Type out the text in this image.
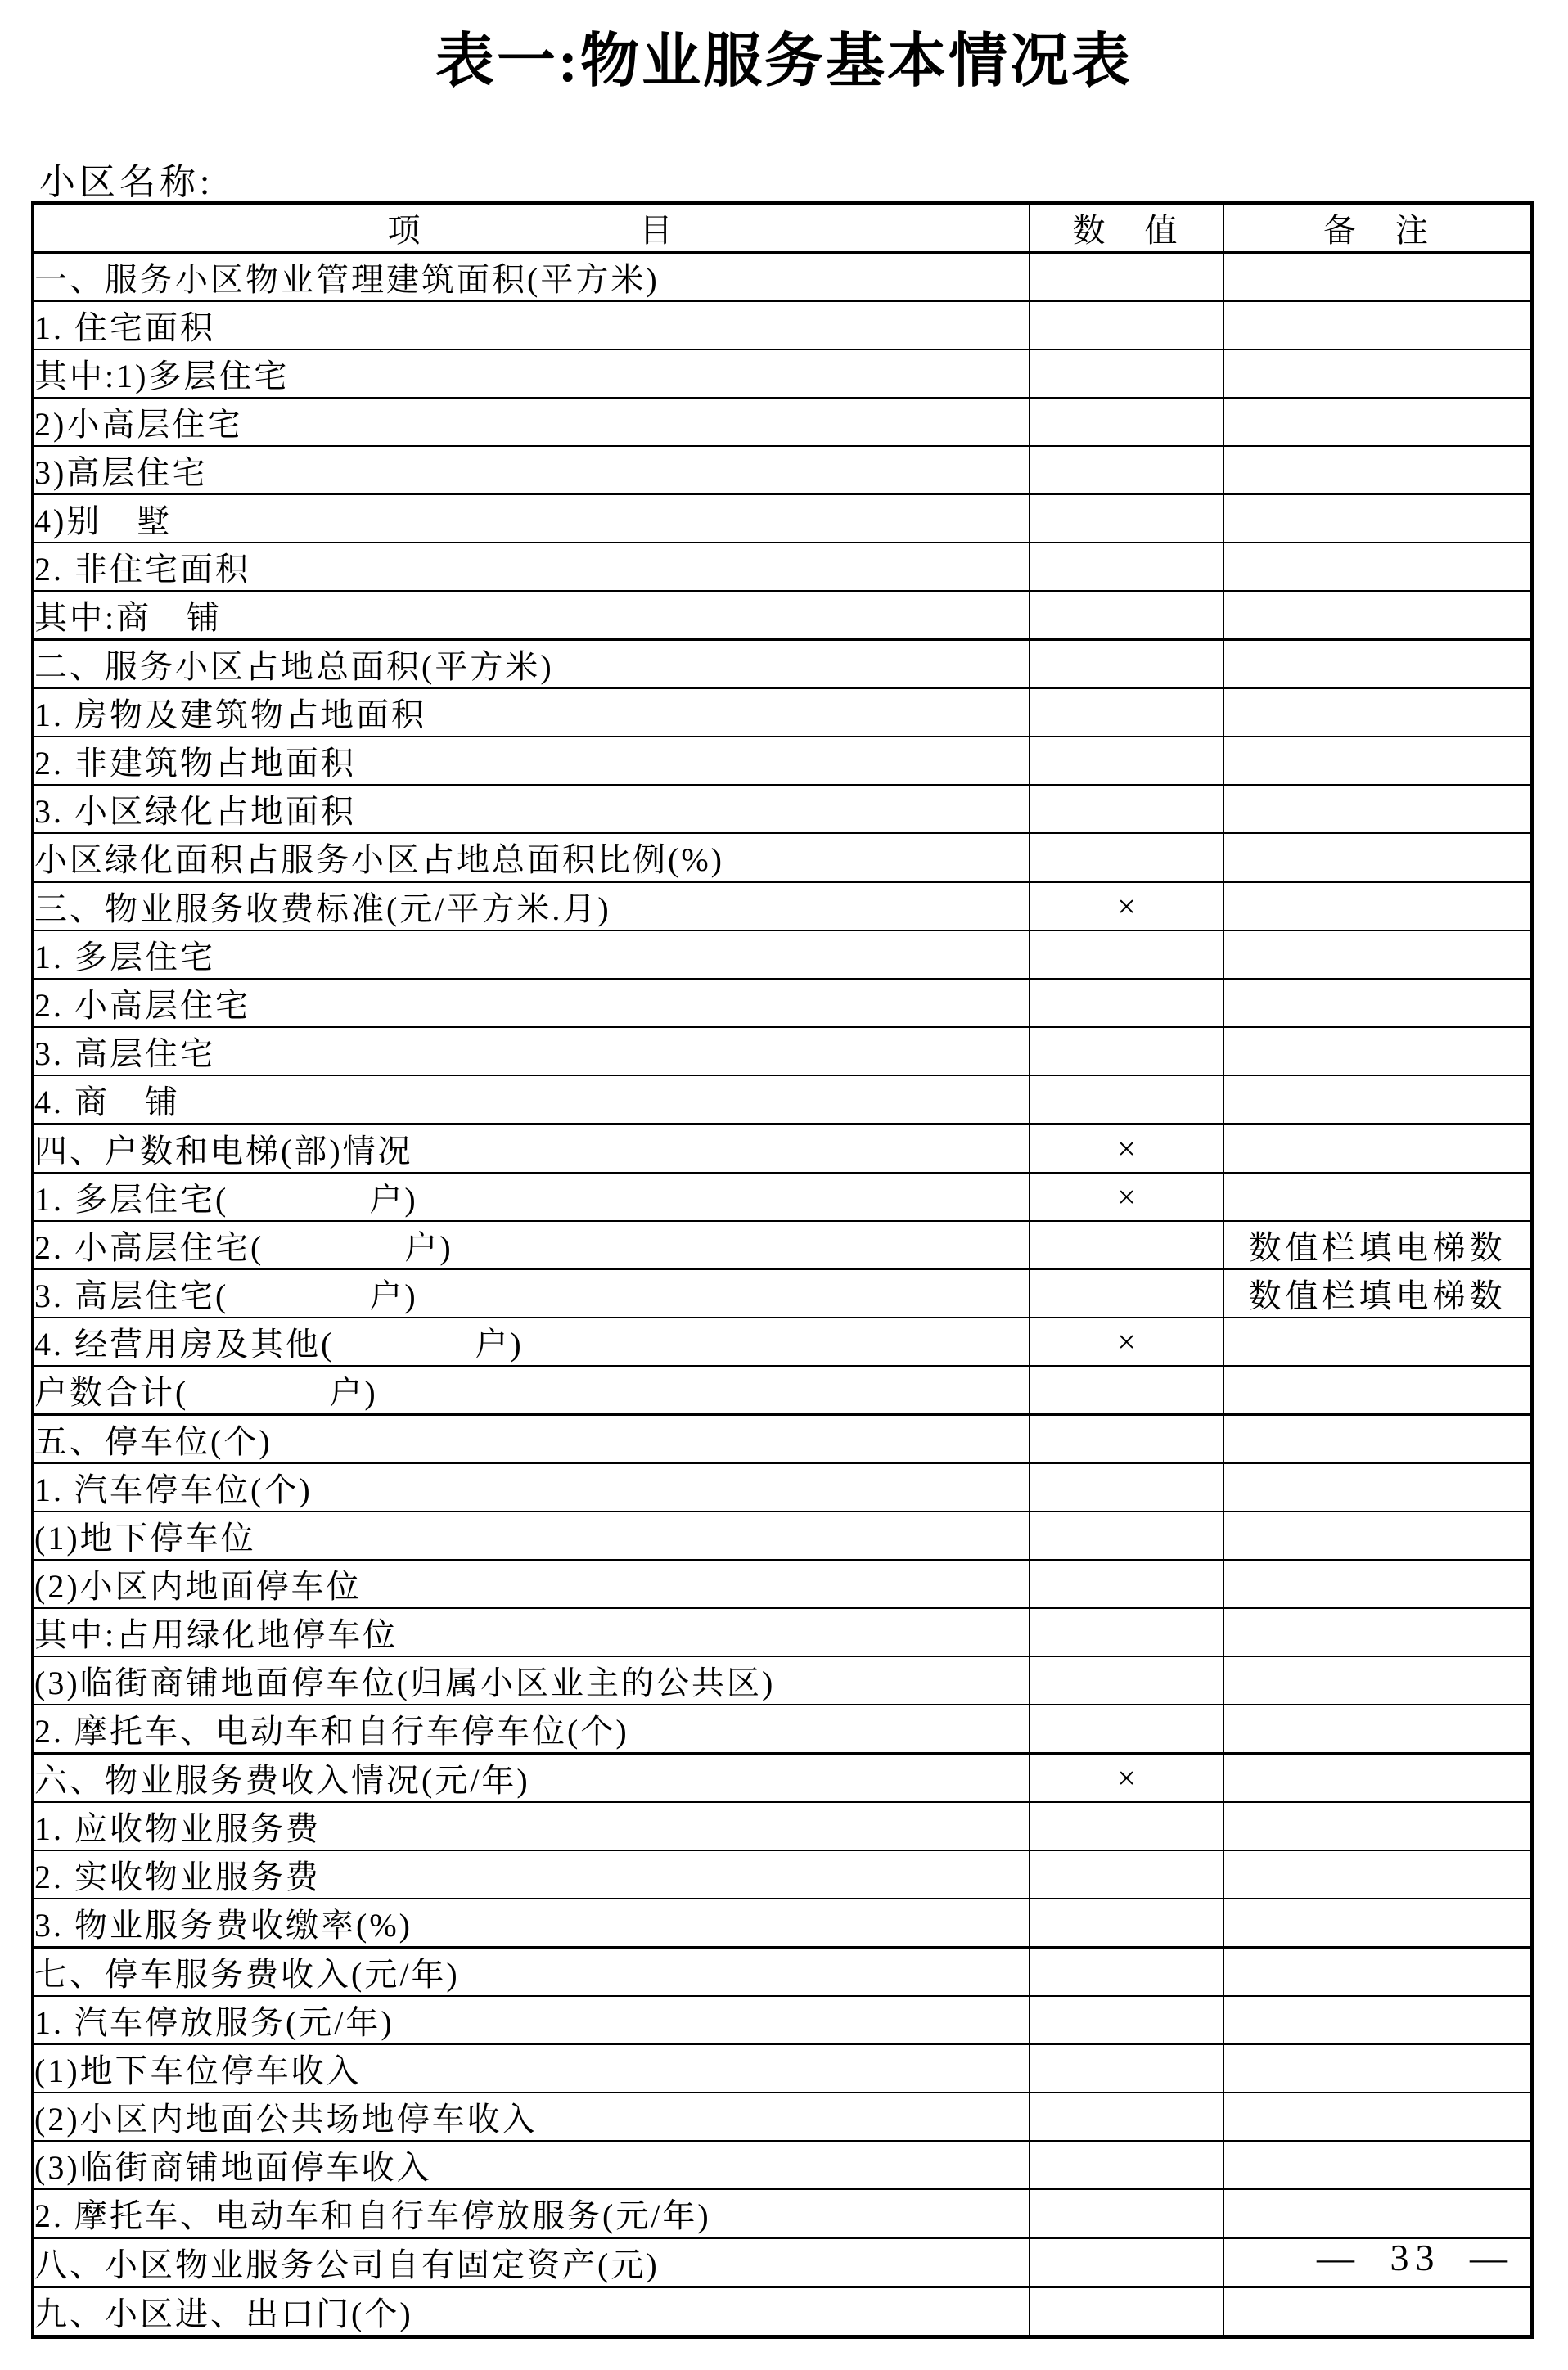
表一:物业服务基本情况表
小区名称:
项　　　　　　目	数　值	备　注
一、服务小区物业管理建筑面积(平方米)		
1. 住宅面积		
其中:1)多层住宅		
2)小高层住宅		
3)高层住宅		
4)别　墅		
2. 非住宅面积		
其中:商　铺		
二、服务小区占地总面积(平方米)		
1. 房物及建筑物占地面积		
2. 非建筑物占地面积		
3. 小区绿化占地面积		
小区绿化面积占服务小区占地总面积比例(%)		
三、物业服务收费标准(元/平方米.月)	×	
1. 多层住宅		
2. 小高层住宅		
3. 高层住宅		
4. 商　铺		
四、户数和电梯(部)情况	×	
1. 多层住宅(　　　　户)	×	
2. 小高层住宅(　　　　户)		数值栏填电梯数
3. 高层住宅(　　　　户)		数值栏填电梯数
4. 经营用房及其他(　　　　户)	×	
户数合计(　　　　户)		
五、停车位(个)		
1. 汽车停车位(个)		
(1)地下停车位		
(2)小区内地面停车位		
其中:占用绿化地停车位		
(3)临街商铺地面停车位(归属小区业主的公共区)		
2. 摩托车、电动车和自行车停车位(个)		
六、物业服务费收入情况(元/年)	×	
1. 应收物业服务费		
2. 实收物业服务费		
3. 物业服务费收缴率(%)		
七、停车服务费收入(元/年)		
1. 汽车停放服务(元/年)		
(1)地下车位停车收入		
(2)小区内地面公共场地停车收入		
(3)临街商铺地面停车收入		
2. 摩托车、电动车和自行车停放服务(元/年)		
八、小区物业服务公司自有固定资产(元)		
九、小区进、出口门(个)		
— 33 —
